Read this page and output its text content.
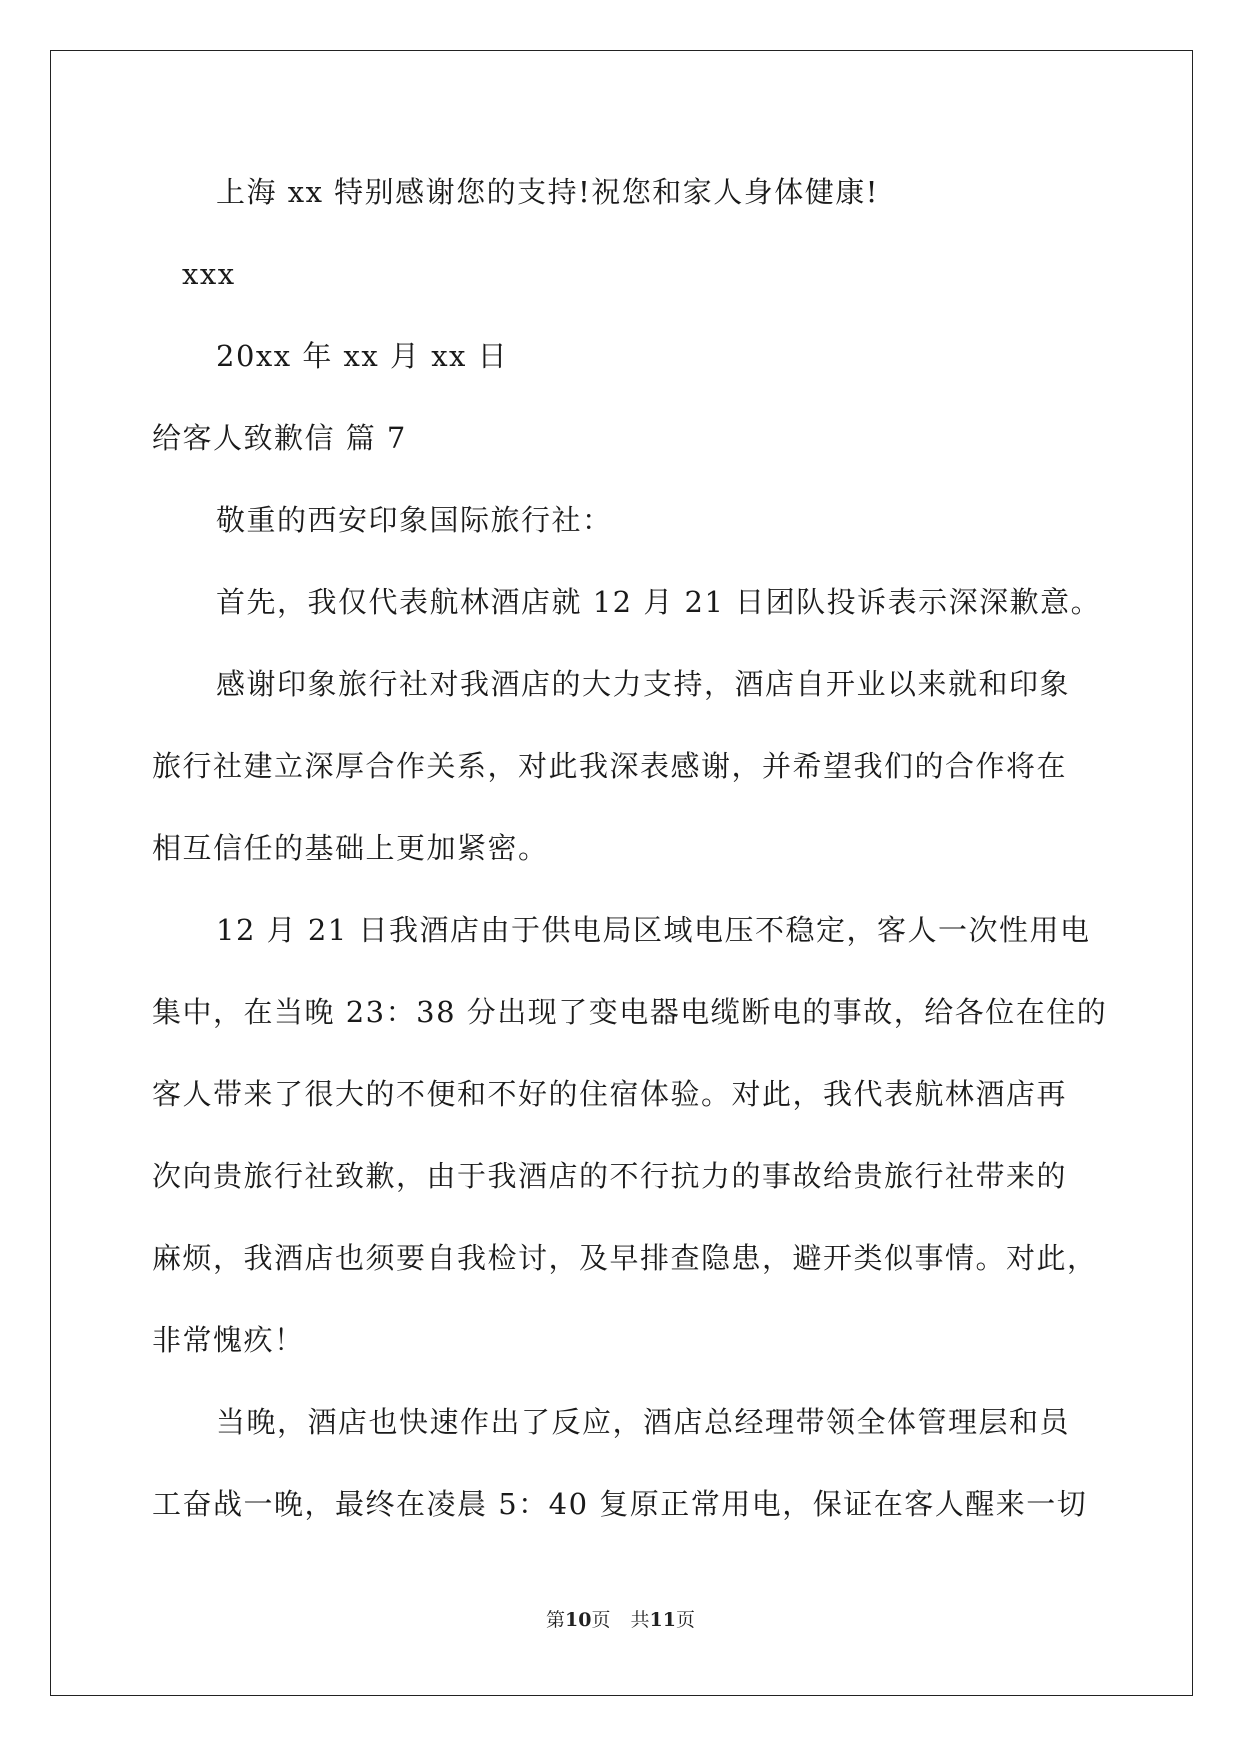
上海 xx 特别感谢您的支持!祝您和家人身体健康!
xxx
20xx 年 xx 月 xx 日
给客人致歉信 篇 7
敬重的西安印象国际旅行社：
首先，我仅代表航林酒店就 12 月 21 日团队投诉表示深深歉意。
感谢印象旅行社对我酒店的大力支持，酒店自开业以来就和印象
旅行社建立深厚合作关系，对此我深表感谢，并希望我们的合作将在
相互信任的基础上更加紧密。
12 月 21 日我酒店由于供电局区域电压不稳定，客人一次性用电
集中，在当晚 23：38 分出现了变电器电缆断电的事故，给各位在住的
客人带来了很大的不便和不好的住宿体验。对此，我代表航林酒店再
次向贵旅行社致歉，由于我酒店的不行抗力的事故给贵旅行社带来的
麻烦，我酒店也须要自我检讨，及早排查隐患，避开类似事情。对此，
非常愧疚！
当晚，酒店也快速作出了反应，酒店总经理带领全体管理层和员
工奋战一晚，最终在凌晨 5：40 复原正常用电，保证在客人醒来一切
第10页 共11页
